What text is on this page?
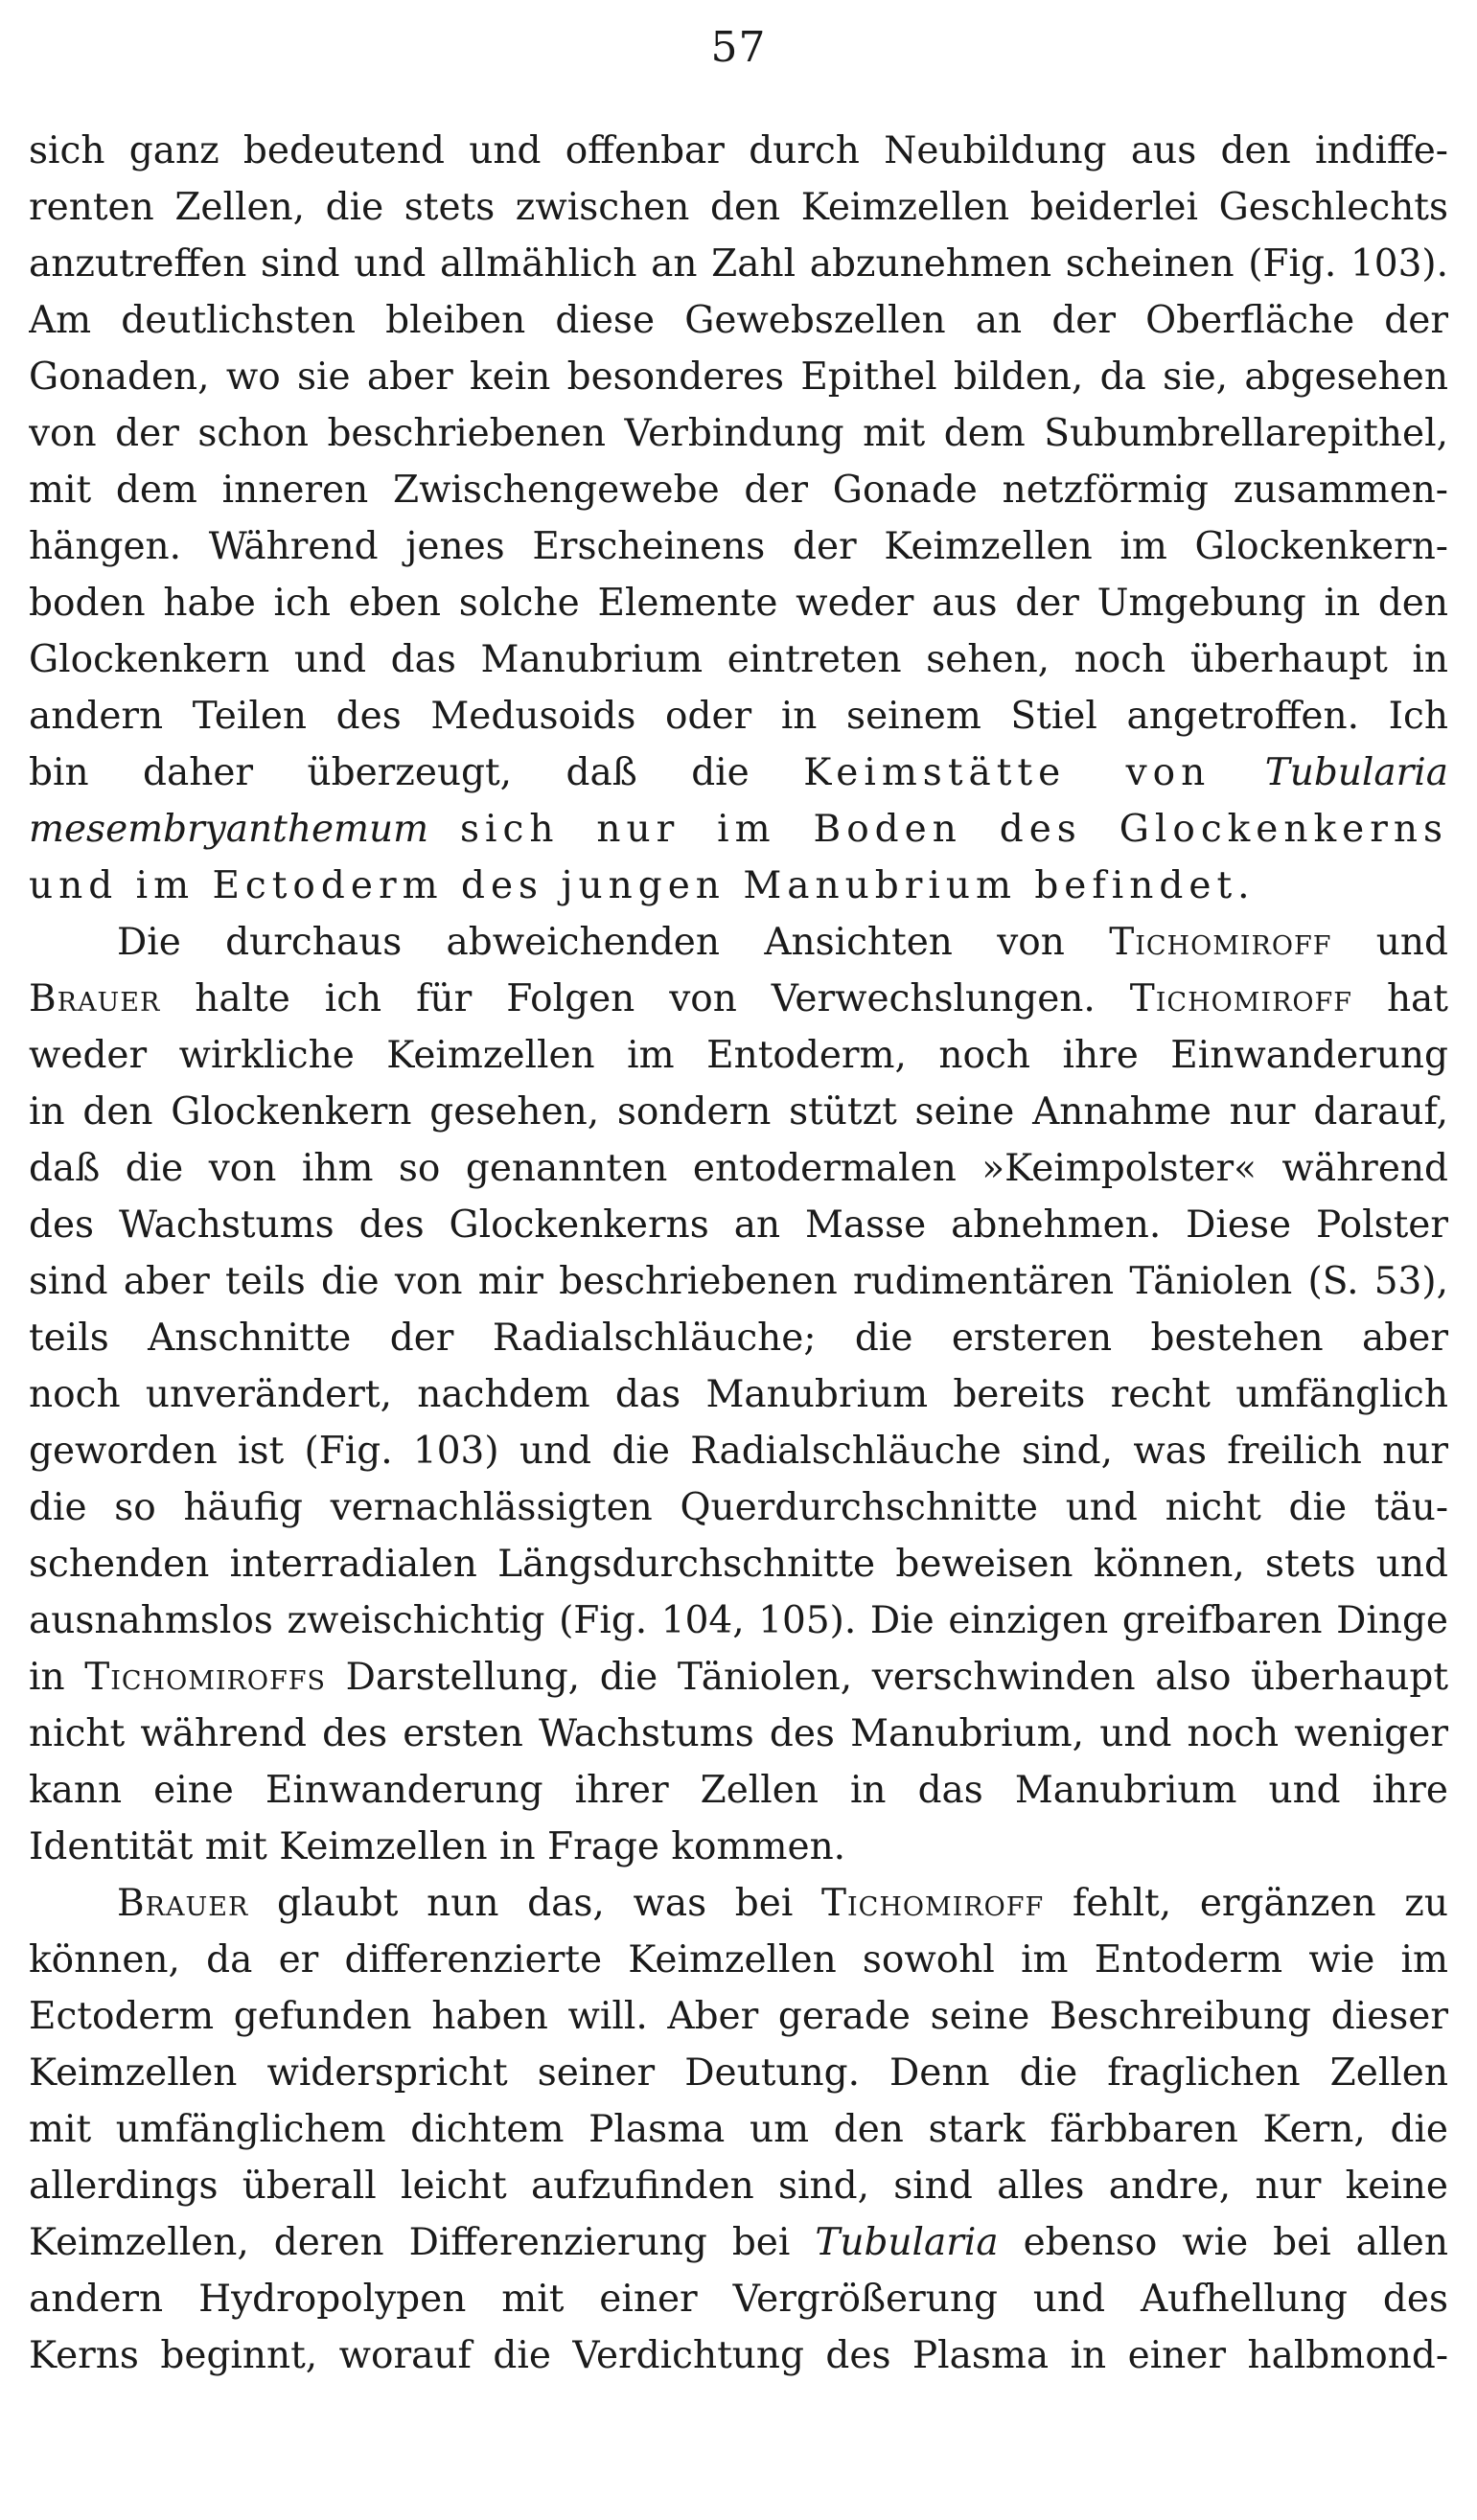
57
sich ganz bedeutend und offenbar durch Neubildung aus den indiffe-
renten Zellen, die stets zwischen den Keimzellen beiderlei Geschlechts
anzutreffen sind und allmählich an Zahl abzunehmen scheinen (Fig. 103).
Am deutlichsten bleiben diese Gewebszellen an der Oberfläche der
Gonaden, wo sie aber kein besonderes Epithel bilden, da sie, abgesehen
von der schon beschriebenen Verbindung mit dem Subumbrellarepithel,
mit dem inneren Zwischengewebe der Gonade netzförmig zusammen-
hängen. Während jenes Erscheinens der Keimzellen im Glockenkern-
boden habe ich eben solche Elemente weder aus der Umgebung in den
Glockenkern und das Manubrium eintreten sehen, noch überhaupt in
andern Teilen des Medusoids oder in seinem Stiel angetroffen. Ich
bin daher überzeugt, daß die Keimstätte von Tubularia
mesembryanthemum sich nur im Boden des Glockenkerns
und im Ectoderm des jungen Manubrium befindet.
Die durchaus abweichenden Ansichten von Tichomiroff und
Brauer halte ich für Folgen von Verwechslungen. Tichomiroff hat
weder wirkliche Keimzellen im Entoderm, noch ihre Einwanderung
in den Glockenkern gesehen, sondern stützt seine Annahme nur darauf,
daß die von ihm so genannten entodermalen »Keimpolster« während
des Wachstums des Glockenkerns an Masse abnehmen. Diese Polster
sind aber teils die von mir beschriebenen rudimentären Täniolen (S. 53),
teils Anschnitte der Radialschläuche; die ersteren bestehen aber
noch unverändert, nachdem das Manubrium bereits recht umfänglich
geworden ist (Fig. 103) und die Radialschläuche sind, was freilich nur
die so häufig vernachlässigten Querdurchschnitte und nicht die täu-
schenden interradialen Längsdurchschnitte beweisen können, stets und
ausnahmslos zweischichtig (Fig. 104, 105). Die einzigen greifbaren Dinge
in Tichomiroffs Darstellung, die Täniolen, verschwinden also überhaupt
nicht während des ersten Wachstums des Manubrium, und noch weniger
kann eine Einwanderung ihrer Zellen in das Manubrium und ihre
Identität mit Keimzellen in Frage kommen.
Brauer glaubt nun das, was bei Tichomiroff fehlt, ergänzen zu
können, da er differenzierte Keimzellen sowohl im Entoderm wie im
Ectoderm gefunden haben will. Aber gerade seine Beschreibung dieser
Keimzellen widerspricht seiner Deutung. Denn die fraglichen Zellen
mit umfänglichem dichtem Plasma um den stark färbbaren Kern, die
allerdings überall leicht aufzufinden sind, sind alles andre, nur keine
Keimzellen, deren Differenzierung bei Tubularia ebenso wie bei allen
andern Hydropolypen mit einer Vergrößerung und Aufhellung des
Kerns beginnt, worauf die Verdichtung des Plasma in einer halbmond-
